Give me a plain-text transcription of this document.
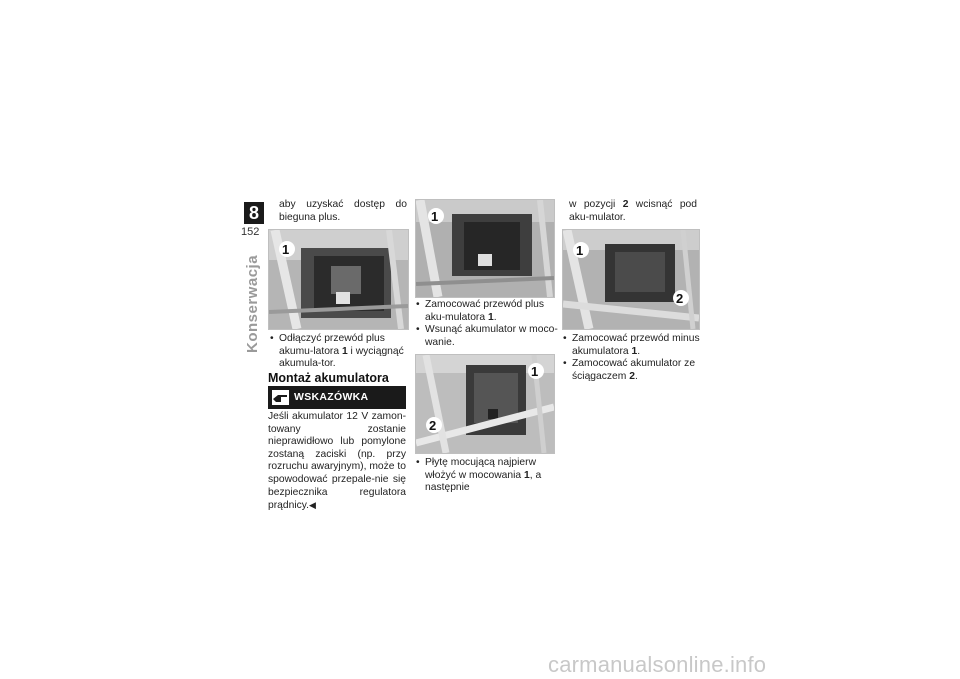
8
152
Konserwacja
aby uzyskać dostęp do bieguna plus.
1
• Odłączyć przewód plus akumu-latora 1 i wyciągnąć akumula-tor.
Montaż akumulatora
WSKAZÓWKA
Jeśli akumulator 12 V zamon-towany zostanie nieprawidłowo lub pomylone zostaną zaciski (np. przy rozruchu awaryjnym), może to spowodować przepale-nie się bezpiecznika regulatora prądnicy.◀
1
• Zamocować przewód plus aku-mulatora 1.
• Wsunąć akumulator w moco-wanie.
1
2
• Płytę mocującą najpierw włożyć w mocowania 1, a następnie
w pozycji 2 wcisnąć pod aku-mulator.
1
2
• Zamocować przewód minus akumulatora 1.
• Zamocować akumulator ze ściągaczem 2.
carmanualsonline.info
